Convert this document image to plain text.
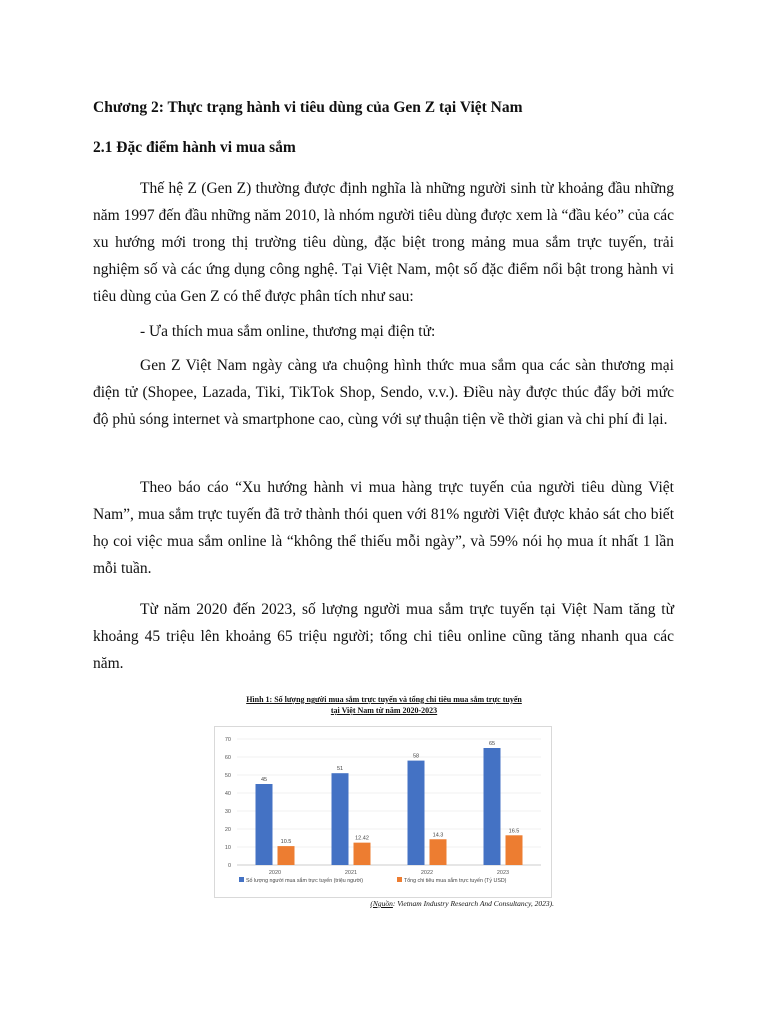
Chương 2: Thực trạng hành vi tiêu dùng của Gen Z tại Việt Nam
2.1 Đặc điểm hành vi mua sắm

Thế hệ Z (Gen Z) thường được định nghĩa là những người sinh từ khoảng đầu những năm 1997 đến đầu những năm 2010, là nhóm người tiêu dùng được xem là “đầu kéo” của các xu hướng mới trong thị trường tiêu dùng, đặc biệt trong mảng mua sắm trực tuyến, trải nghiệm số và các ứng dụng công nghệ. Tại Việt Nam, một số đặc điểm nổi bật trong hành vi tiêu dùng của Gen Z có thể được phân tích như sau:

- Ưa thích mua sắm online, thương mại điện tử:

Gen Z Việt Nam ngày càng ưa chuộng hình thức mua sắm qua các sàn thương mại điện tử (Shopee, Lazada, Tiki, TikTok Shop, Sendo, v.v.). Điều này được thúc đẩy bởi mức độ phủ sóng internet và smartphone cao, cùng với sự thuận tiện về thời gian và chi phí đi lại.

Theo báo cáo “Xu hướng hành vi mua hàng trực tuyến của người tiêu dùng Việt Nam”, mua sắm trực tuyến đã trở thành thói quen với 81% người Việt được khảo sát cho biết họ coi việc mua sắm online là “không thể thiếu mỗi ngày”, và 59% nói họ mua ít nhất 1 lần mỗi tuần.

Từ năm 2020 đến 2023, số lượng người mua sắm trực tuyến tại Việt Nam tăng từ khoảng 45 triệu lên khoảng 65 triệu người; tổng chi tiêu online cũng tăng nhanh qua các năm.

Hình 1: Số lượng người mua sắm trực tuyến và tổng chi tiêu mua sắm trực tuyến
tại Việt Nam từ năm 2020-2023
0
10
20
30
40
50
60
70
45
10.5
2020
51
12.42
2021
58
14.3
2022
65
16.5
2023
Số lượng người mua sắm trực tuyến (triệu người)	Tổng chi tiêu mua sắm trực tuyến (Tỷ USD)
(Nguồn: Vietnam Industry Research And Consultancy, 2023).
